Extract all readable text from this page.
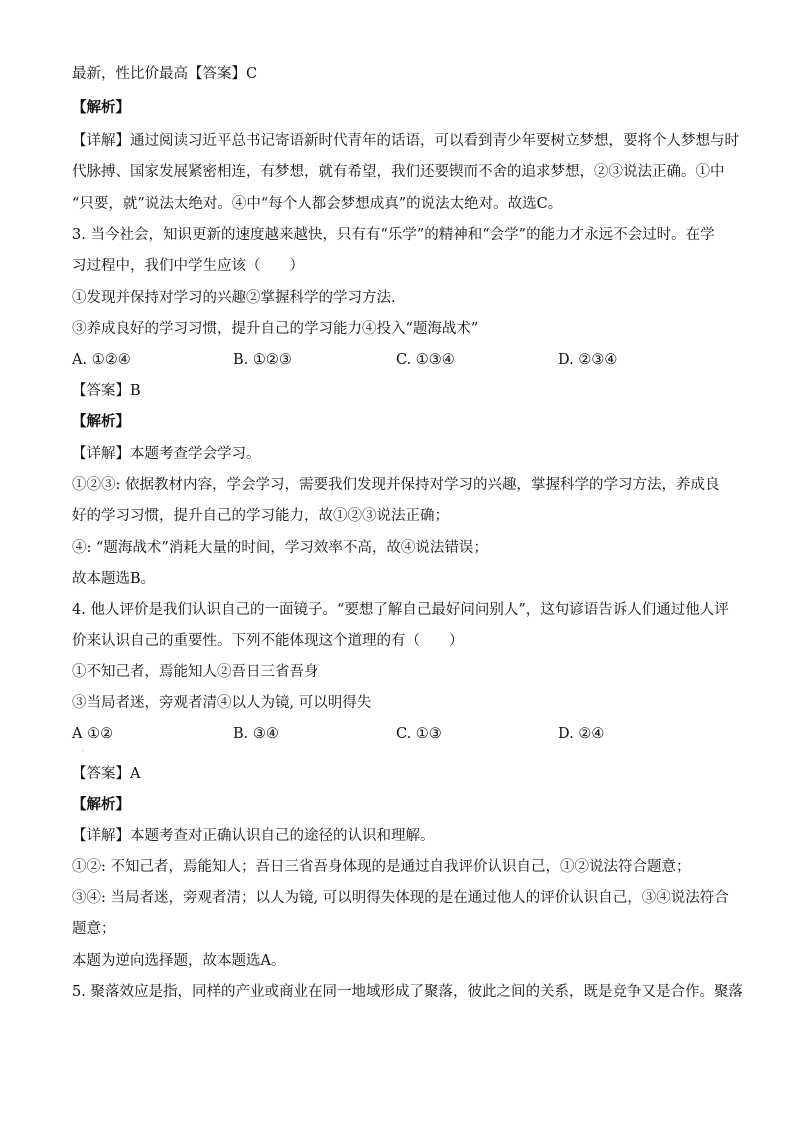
最新，性比价最高【答案】C
【解析】
【详解】通过阅读习近平总书记寄语新时代青年的话语，可以看到青少年要树立梦想，要将个人梦想与时
代脉搏、国家发展紧密相连，有梦想，就有希望，我们还要锲而不舍的追求梦想，②③说法正确。①中
“只要，就”说法太绝对。④中“每个人都会梦想成真”的说法太绝对。故选C。
3. 当今社会，知识更新的速度越来越快，只有有“乐学”的精神和“会学”的能力才永远不会过时。在学
习过程中，我们中学生应该（　　）
①发现并保持对学习的兴趣②掌握科学的学习方法.
③养成良好的学习习惯，提升自己的学习能力④投入“题海战术”
A. ①②④	B. ①②③	C. ①③④	D. ②③④
【答案】B
【解析】
【详解】本题考查学会学习。
①②③: 依据教材内容，学会学习，需要我们发现并保持对学习的兴趣，掌握科学的学习方法，养成良
好的学习习惯，提升自己的学习能力，故①②③说法正确；
④: “题海战术”消耗大量的时间，学习效率不高，故④说法错误；
故本题选B。
4. 他人评价是我们认识自己的一面镜子。“要想了解自己最好问问别人”，这句谚语告诉人们通过他人评
价来认识自己的重要性。下列不能体现这个道理的有（　　）
①不知己者，焉能知人②吾日三省吾身
③当局者迷，旁观者清④以人为镜, 可以明得失
A ①②	B. ③④	C. ①③	D. ②④
·
【答案】A
【解析】
【详解】本题考查对正确认识自己的途径的认识和理解。
①②: 不知己者，焉能知人；吾日三省吾身体现的是通过自我评价认识自己，①②说法符合题意；
③④: 当局者迷，旁观者清；以人为镜, 可以明得失体现的是在通过他人的评价认识自己，③④说法符合
题意；
本题为逆向选择题，故本题选A。
5. 聚落效应是指，同样的产业或商业在同一地域形成了聚落，彼此之间的关系，既是竞争又是合作。聚落
